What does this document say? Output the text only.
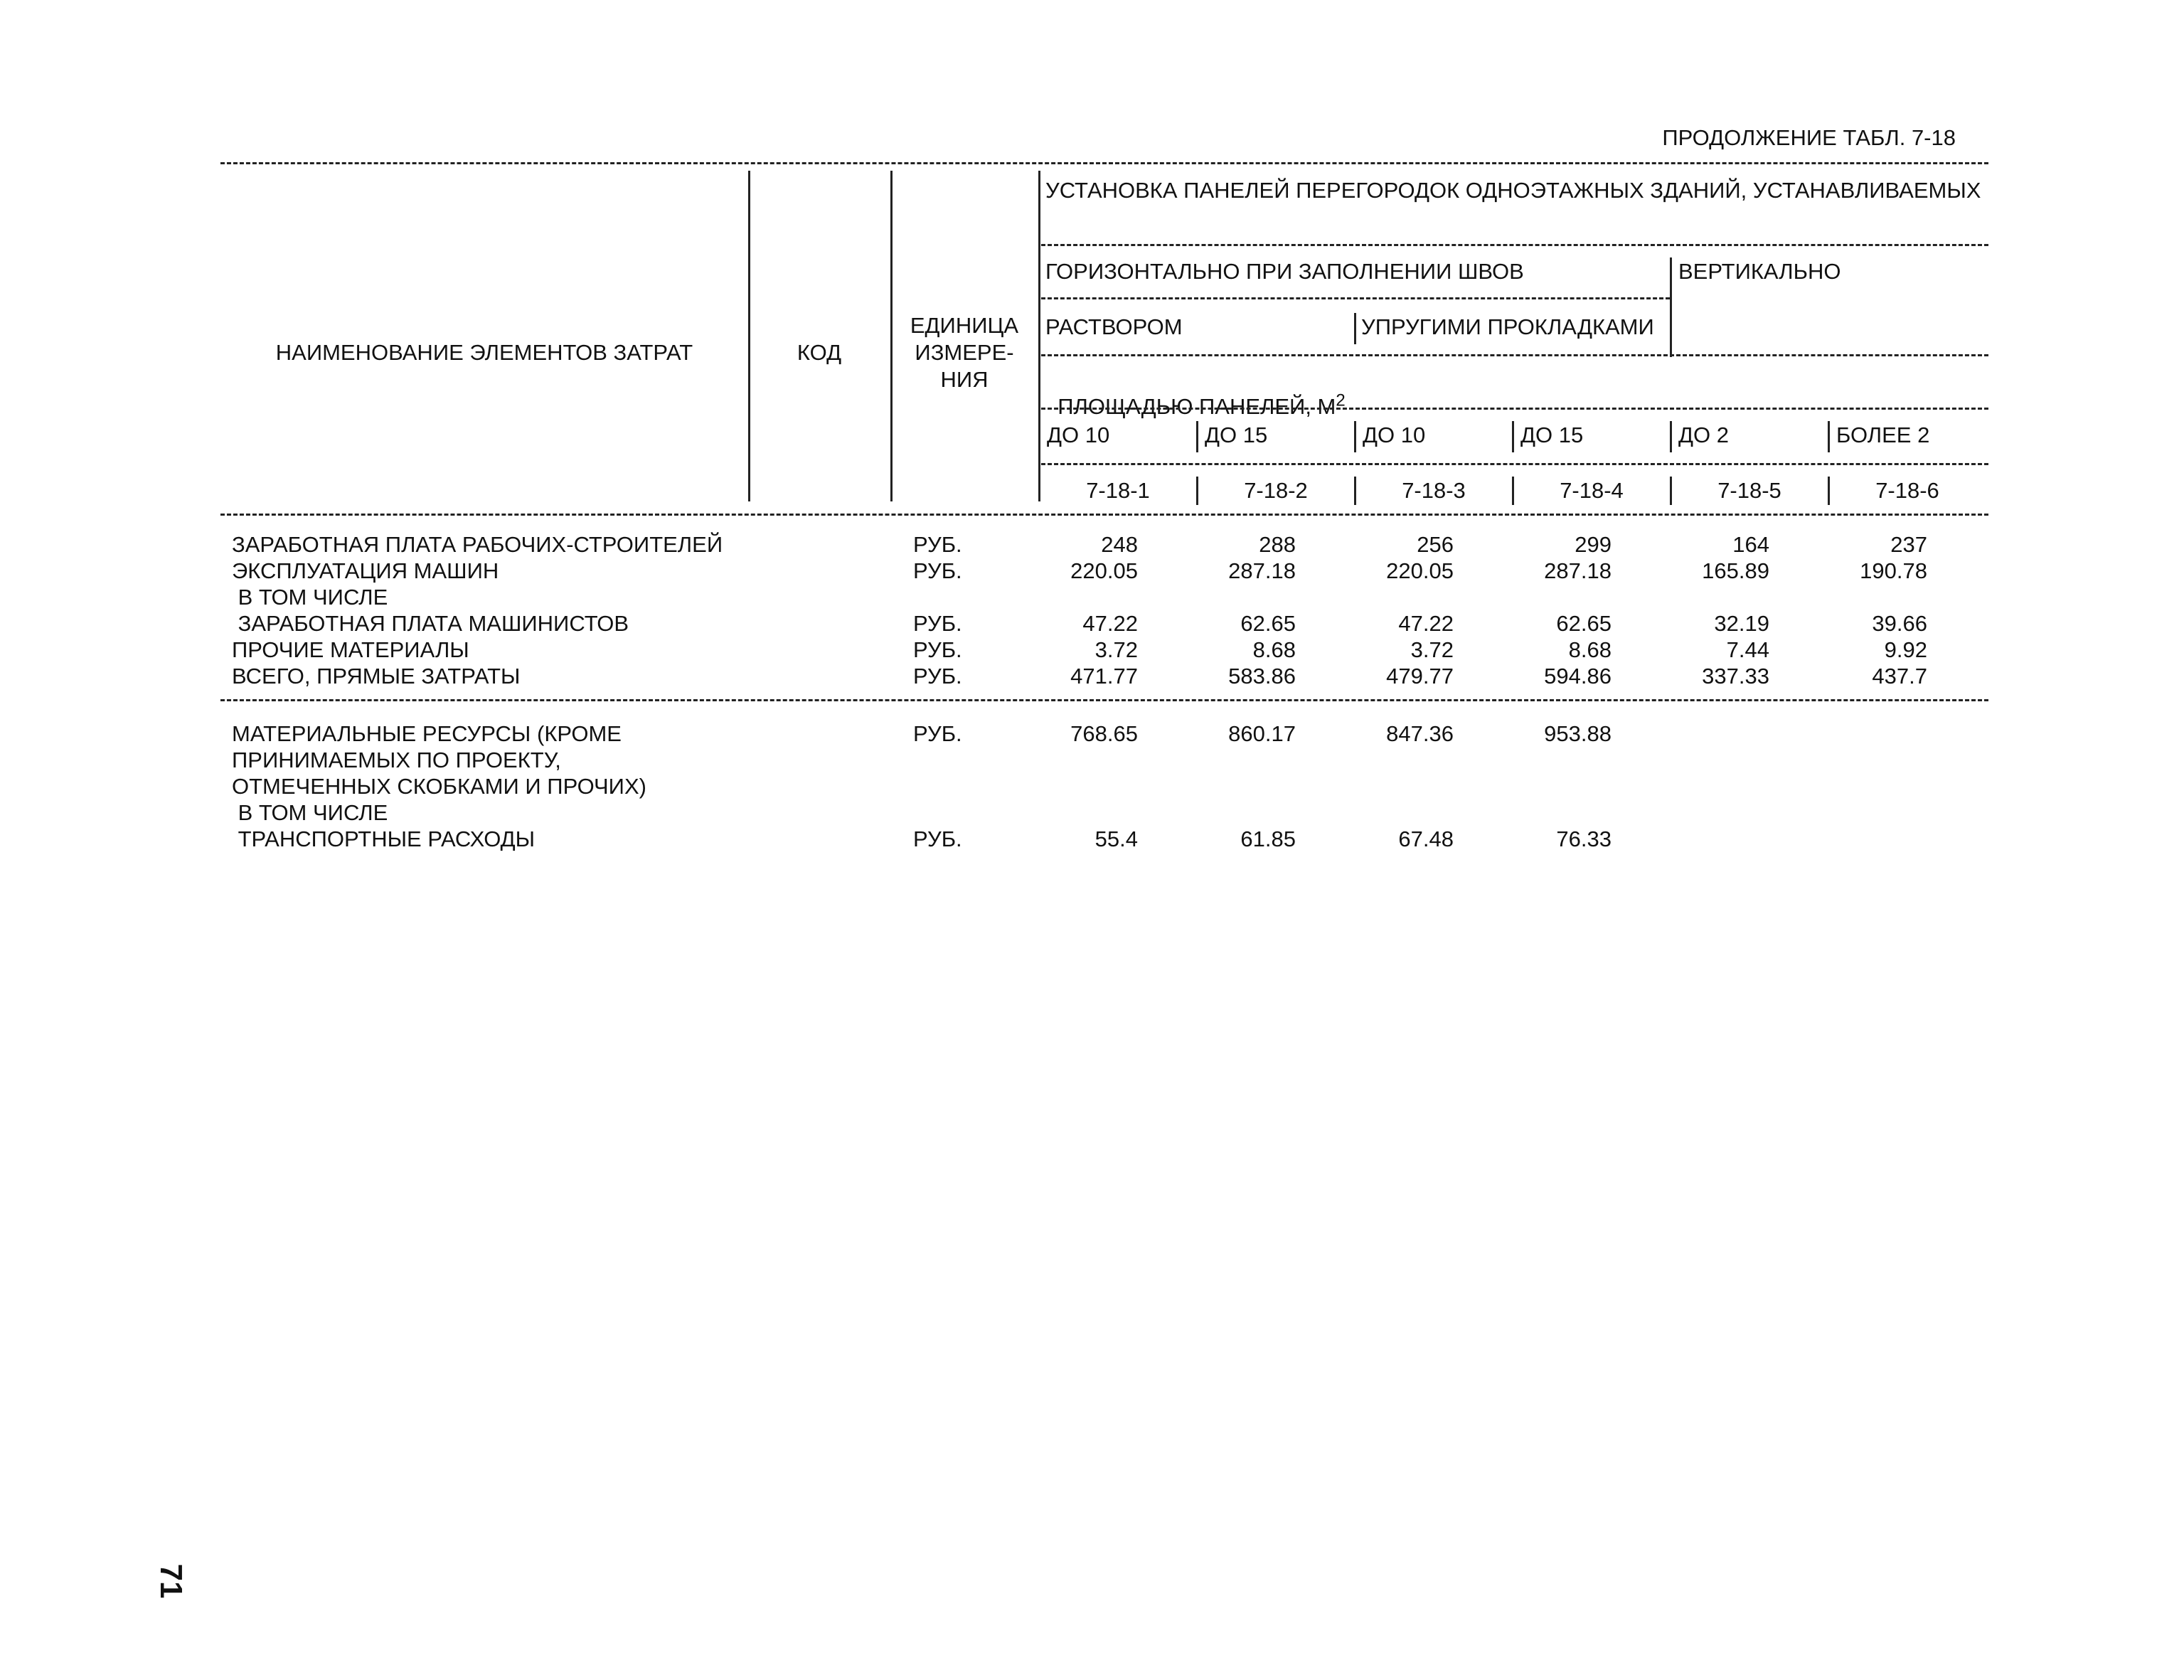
ПРОДОЛЖЕНИЕ ТАБЛ. 7-18
НАИМЕНОВАНИЕ ЭЛЕМЕНТОВ ЗАТРАТ	КОД
ЕДИНИЦА
ИЗМЕРЕ-
НИЯ
УСТАНОВКА ПАНЕЛЕЙ ПЕРЕГОРОДОК ОДНОЭТАЖНЫХ ЗДАНИЙ, УСТАНАВЛИВАЕМЫХ
ГОРИЗОНТАЛЬНО ПРИ ЗАПОЛНЕНИИ ШВОВ	ВЕРТИКАЛЬНО
РАСТВОРОМ	УПРУГИМИ ПРОКЛАДКАМИ

ПЛОЩАДЬЮ ПАНЕЛЕЙ, $М^2$

ДО 10	ДО 15	ДО 10	ДО 15	ДО 2	БОЛЕЕ 2
7-18-1	7-18-2	7-18-3	7-18-4	7-18-5	7-18-6
ЗАРАБОТНАЯ ПЛАТА РАБОЧИХ-СТРОИТЕЛЕЙ	РУБ.	248	288	256	299	164	237
ЭКСПЛУАТАЦИЯ МАШИН	РУБ.	220.05	287.18	220.05	287.18	165.89	190.78
В ТОМ ЧИСЛЕ
ЗАРАБОТНАЯ ПЛАТА МАШИНИСТОВ	РУБ.	47.22	62.65	47.22	62.65	32.19	39.66
ПРОЧИЕ МАТЕРИАЛЫ	РУБ.	3.72	8.68	3.72	8.68	7.44	9.92
ВСЕГО, ПРЯМЫЕ ЗАТРАТЫ	РУБ.	471.77	583.86	479.77	594.86	337.33	437.7
МАТЕРИАЛЬНЫЕ РЕСУРСЫ (КРОМЕ	РУБ.	768.65	860.17	847.36	953.88
ПРИНИМАЕМЫХ ПО ПРОЕКТУ,
ОТМЕЧЕННЫХ СКОБКАМИ И ПРОЧИХ)
В ТОМ ЧИСЛЕ
ТРАНСПОРТНЫЕ РАСХОДЫ	РУБ.	55.4	61.85	67.48	76.33
71
